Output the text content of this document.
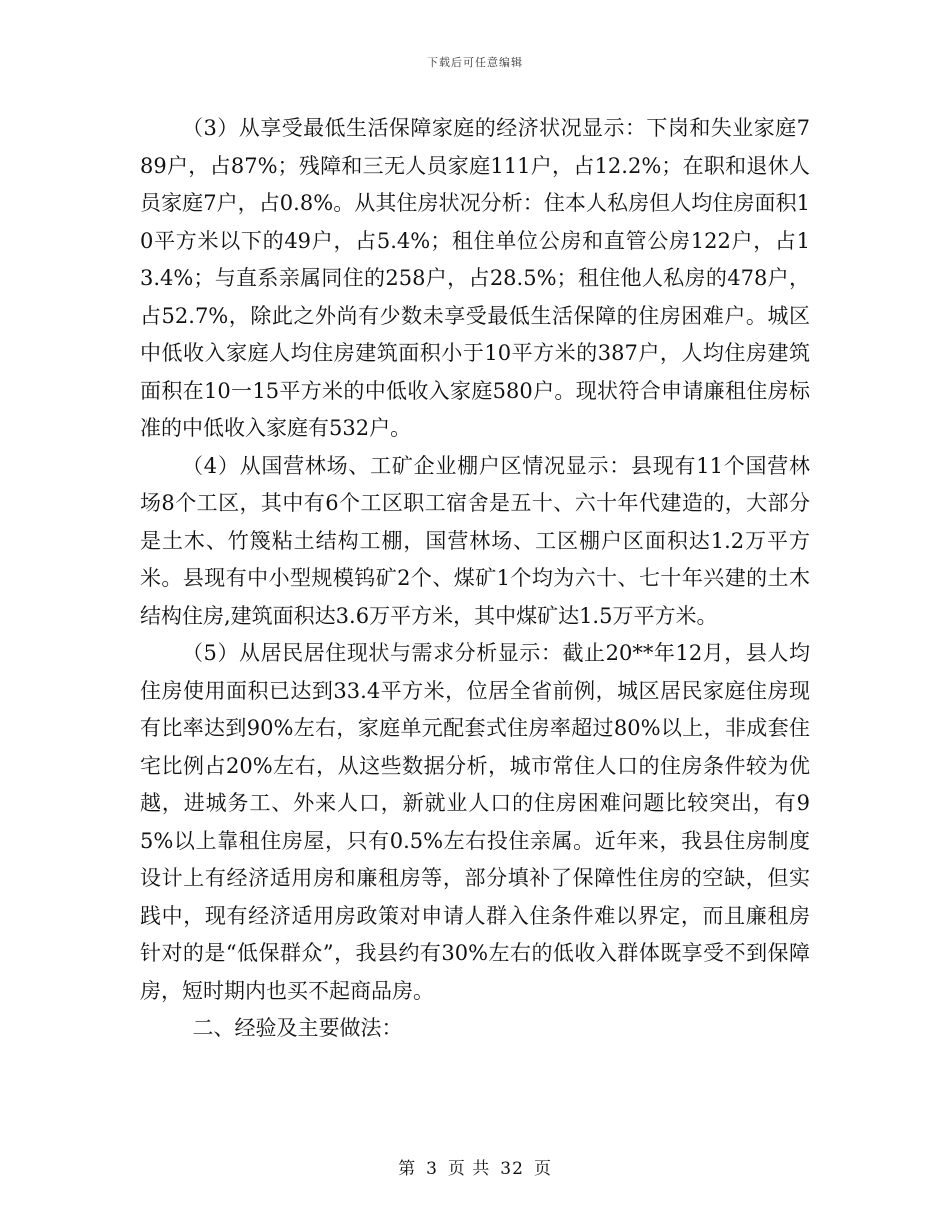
下载后可任意编辑

（3）从享受最低生活保障家庭的经济状况显示：下岗和失业家庭789户，占87%；残障和三无人员家庭111户，占12.2%；在职和退休人员家庭7户，占0.8%。从其住房状况分析：住本人私房但人均住房面积10平方米以下的49户，占5.4%；租住单位公房和直管公房122户，占13.4%；与直系亲属同住的258户，占28.5%；租住他人私房的478户，占52.7%，除此之外尚有少数未享受最低生活保障的住房困难户。城区中低收入家庭人均住房建筑面积小于10平方米的387户，人均住房建筑面积在10一15平方米的中低收入家庭580户。现状符合申请廉租住房标准的中低收入家庭有532户。

（4）从国营林场、工矿企业棚户区情况显示：县现有11个国营林场8个工区，其中有6个工区职工宿舍是五十、六十年代建造的，大部分是土木、竹篾粘土结构工棚，国营林场、工区棚户区面积达1.2万平方米。县现有中小型规模钨矿2个、煤矿1个均为六十、七十年兴建的土木结构住房,建筑面积达3.6万平方米，其中煤矿达1.5万平方米。

（5）从居民居住现状与需求分析显示：截止20**年12月，县人均住房使用面积已达到33.4平方米，位居全省前例，城区居民家庭住房现有比率达到90%左右，家庭单元配套式住房率超过80%以上，非成套住宅比例占20%左右，从这些数据分析，城市常住人口的住房条件较为优越，进城务工、外来人口，新就业人口的住房困难问题比较突出，有95%以上靠租住房屋，只有0.5%左右投住亲属。近年来，我县住房制度设计上有经济适用房和廉租房等，部分填补了保障性住房的空缺，但实践中，现有经济适用房政策对申请人群入住条件难以界定，而且廉租房针对的是“低保群众”，我县约有30%左右的低收入群体既享受不到保障房，短时期内也买不起商品房。

二、经验及主要做法：

第 3 页 共 32 页
